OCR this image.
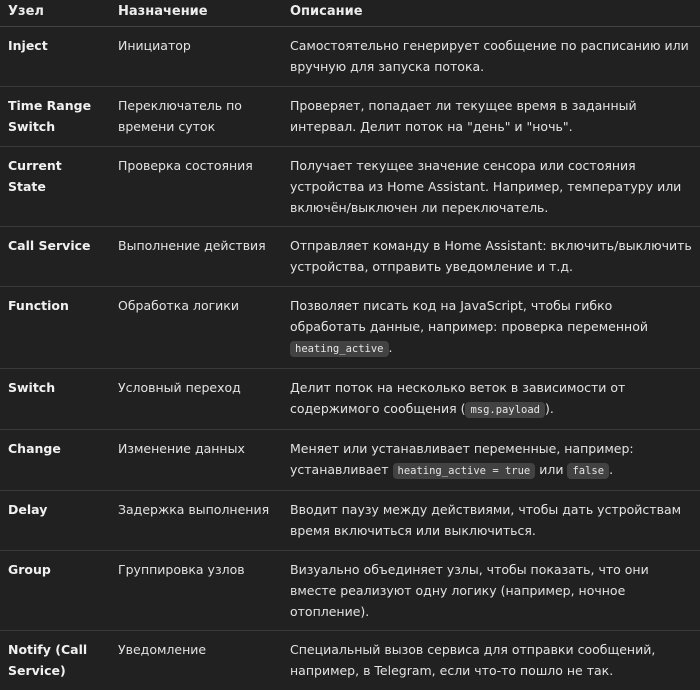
Узел	Назначение	Описание
Inject	Инициатор	Самостоятельно генерирует сообщение по расписанию или вручную для запуска потока.
Time Range Switch	Переключатель по времени суток	Проверяет, попадает ли текущее время в заданный интервал. Делит поток на "день" и "ночь".
Current State	Проверка состояния	Получает текущее значение сенсора или состояния устройства из Home Assistant. Например, температуру или включён/выключен ли переключатель.
Call Service	Выполнение действия	Отправляет команду в Home Assistant: включить/выключить устройства, отправить уведомление и т.д.
Function	Обработка логики	Позволяет писать код на JavaScript, чтобы гибко обработать данные, например: проверка переменной heating_active .
Switch	Условный переход	Делит поток на несколько веток в зависимости от содержимого сообщения ( msg.payload ).
Change	Изменение данных	Меняет или устанавливает переменные, например: устанавливает heating_active = true или false .
Delay	Задержка выполнения	Вводит паузу между действиями, чтобы дать устройствам время включиться или выключиться.
Group	Группировка узлов	Визуально объединяет узлы, чтобы показать, что они вместе реализуют одну логику (например, ночное отопление).
Notify (Call Service)	Уведомление	Специальный вызов сервиса для отправки сообщений, например, в Telegram, если что-то пошло не так.
